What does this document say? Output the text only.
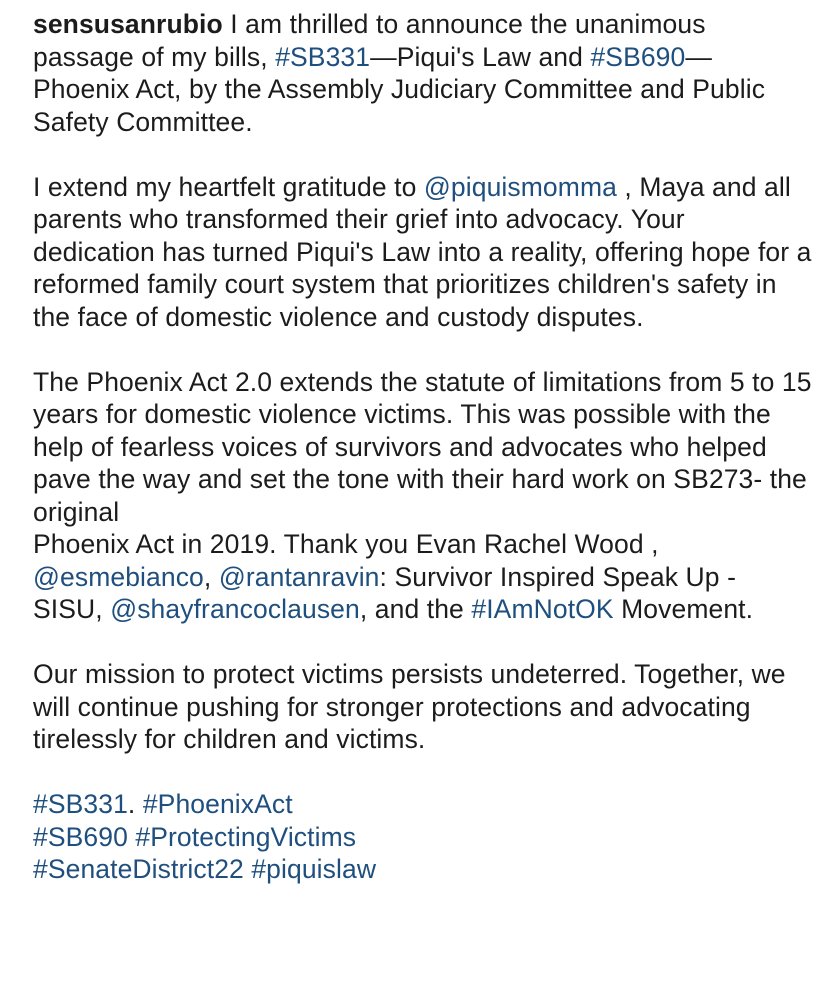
sensusanrubio I am thrilled to announce the unanimous passage of my bills, #SB331—Piqui's Law and #SB690— Phoenix Act, by the Assembly Judiciary Committee and Public Safety Committee.

I extend my heartfelt gratitude to @piquismomma , Maya and all parents who transformed their grief into advocacy. Your dedication has turned Piqui's Law into a reality, offering hope for a reformed family court system that prioritizes children's safety in the face of domestic violence and custody disputes.

The Phoenix Act 2.0 extends the statute of limitations from 5 to 15 years for domestic violence victims. This was possible with the help of fearless voices of survivors and advocates who helped pave the way and set the tone with their hard work on SB273- the original

Phoenix Act in 2019. Thank you Evan Rachel Wood ,
@esmebianco, @rantanravin: Survivor Inspired Speak Up - SISU, @shayfrancoclausen, and the #IAmNotOK Movement.

Our mission to protect victims persists undeterred. Together, we will continue pushing for stronger protections and advocating tirelessly for children and victims.

#SB331. #PhoenixAct
#SB690 #ProtectingVictims
#SenateDistrict22 #piquislaw
